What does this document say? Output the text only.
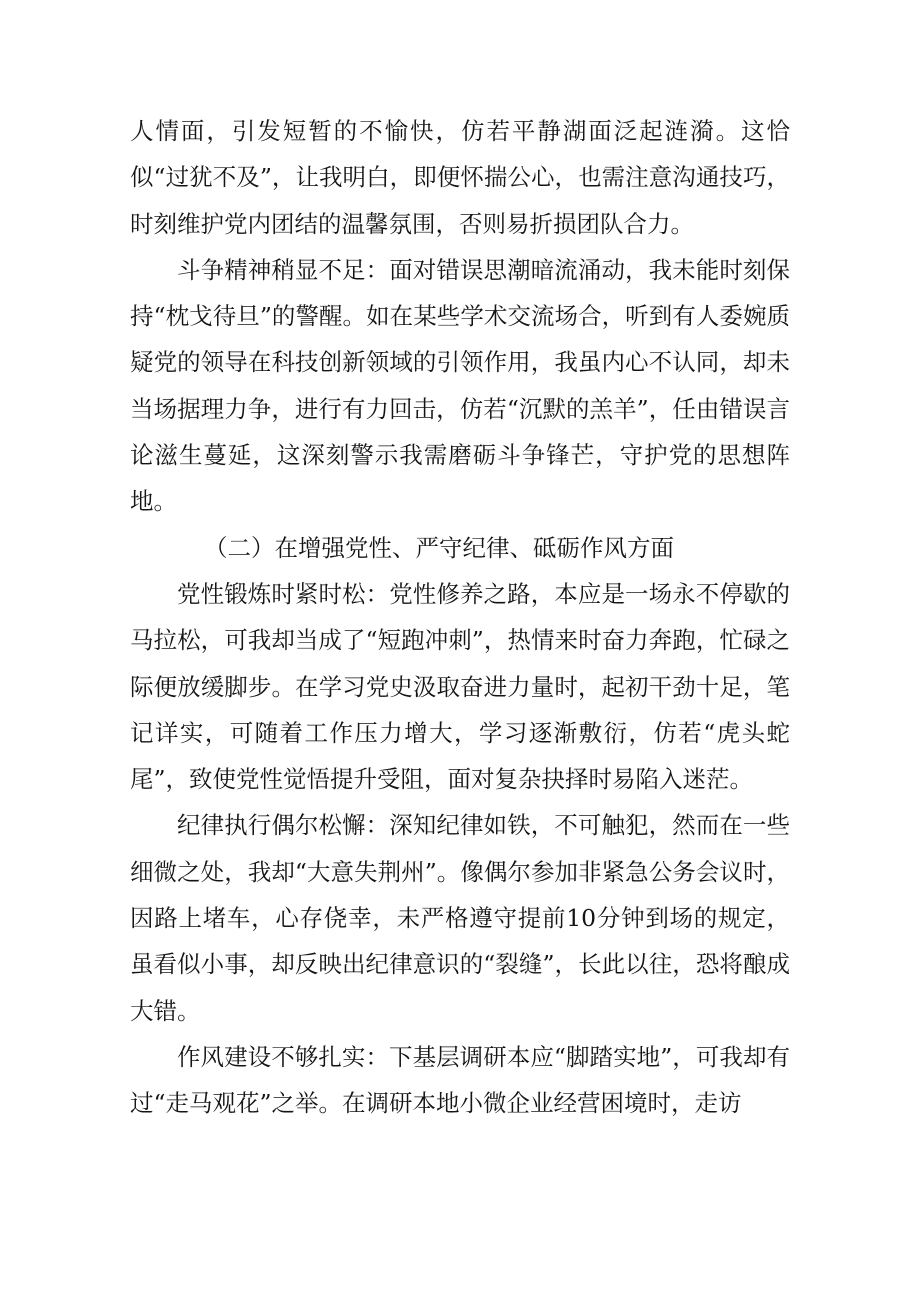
人情面，引发短暂的不愉快，仿若平静湖面泛起涟漪。这恰似“过犹不及”，让我明白，即便怀揣公心，也需注意沟通技巧，时刻维护党内团结的温馨氛围，否则易折损团队合力。

斗争精神稍显不足：面对错误思潮暗流涌动，我未能时刻保持“枕戈待旦”的警醒。如在某些学术交流场合，听到有人委婉质疑党的领导在科技创新领域的引领作用，我虽内心不认同，却未当场据理力争，进行有力回击，仿若“沉默的羔羊”，任由错误言论滋生蔓延，这深刻警示我需磨砺斗争锋芒，守护党的思想阵地。

（二）在增强党性、严守纪律、砥砺作风方面

党性锻炼时紧时松：党性修养之路，本应是一场永不停歇的马拉松，可我却当成了“短跑冲刺”，热情来时奋力奔跑，忙碌之际便放缓脚步。在学习党史汲取奋进力量时，起初干劲十足，笔记详实，可随着工作压力增大，学习逐渐敷衍，仿若“虎头蛇尾”，致使党性觉悟提升受阻，面对复杂抉择时易陷入迷茫。

纪律执行偶尔松懈：深知纪律如铁，不可触犯，然而在一些细微之处，我却“大意失荆州”。像偶尔参加非紧急公务会议时，因路上堵车，心存侥幸，未严格遵守提前10分钟到场的规定，虽看似小事，却反映出纪律意识的“裂缝”，长此以往，恐将酿成大错。

作风建设不够扎实：下基层调研本应“脚踏实地”，可我却有过“走马观花”之举。在调研本地小微企业经营困境时，走访
